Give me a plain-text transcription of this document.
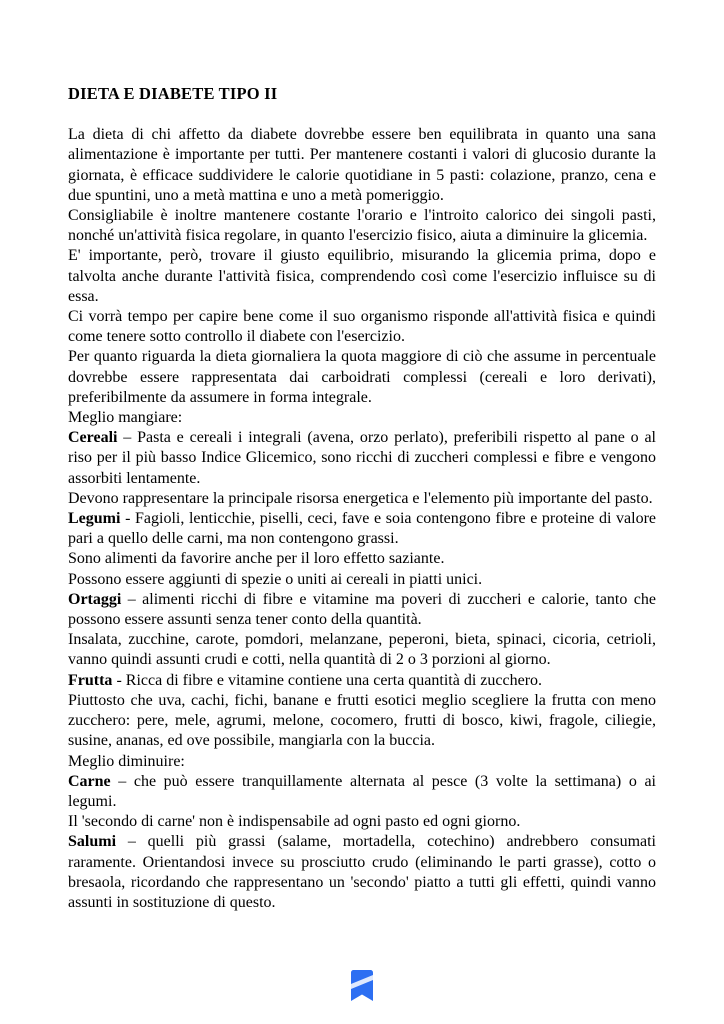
DIETA E DIABETE TIPO II

La dieta di chi affetto da diabete dovrebbe essere ben equilibrata in quanto una sana alimentazione è importante per tutti. Per mantenere costanti i valori di glucosio durante la giornata, è efficace suddividere le calorie quotidiane in 5 pasti: colazione, pranzo, cena e due spuntini, uno a metà mattina e uno a metà pomeriggio.

Consigliabile è inoltre mantenere costante l'orario e l'introito calorico dei singoli pasti, nonché un'attività fisica regolare, in quanto l'esercizio fisico, aiuta a diminuire la glicemia.

E' importante, però, trovare il giusto equilibrio, misurando la glicemia prima, dopo e talvolta anche durante l'attività fisica, comprendendo così come l'esercizio influisce su di essa.

Ci vorrà tempo per capire bene come il suo organismo risponde all'attività fisica e quindi come tenere sotto controllo il diabete con l'esercizio.

Per quanto riguarda la dieta giornaliera la quota maggiore di ciò che assume in percentuale dovrebbe essere rappresentata dai carboidrati complessi (cereali e loro derivati), preferibilmente da assumere in forma integrale.

Meglio mangiare:

Cereali – Pasta e cereali i integrali (avena, orzo perlato), preferibili rispetto al pane o al riso per il più basso Indice Glicemico, sono ricchi di zuccheri complessi e fibre e vengono assorbiti lentamente.

Devono rappresentare la principale risorsa energetica e l'elemento più importante del pasto.

Legumi - Fagioli, lenticchie, piselli, ceci, fave e soia contengono fibre e proteine di valore pari a quello delle carni, ma non contengono grassi.

Sono alimenti da favorire anche per il loro effetto saziante.

Possono essere aggiunti di spezie o uniti ai cereali in piatti unici.

Ortaggi – alimenti ricchi di fibre e vitamine ma poveri di zuccheri e calorie, tanto che possono essere assunti senza tener conto della quantità.

Insalata, zucchine, carote, pomdori, melanzane, peperoni, bieta, spinaci, cicoria, cetrioli, vanno quindi assunti crudi e cotti, nella quantità di 2 o 3 porzioni al giorno.

Frutta - Ricca di fibre e vitamine contiene una certa quantità di zucchero.

Piuttosto che uva, cachi, fichi, banane e frutti esotici meglio scegliere la frutta con meno zucchero: pere, mele, agrumi, melone, cocomero, frutti di bosco, kiwi, fragole, ciliegie, susine, ananas, ed ove possibile, mangiarla con la buccia.

Meglio diminuire:

Carne – che può essere tranquillamente alternata al pesce (3 volte la settimana) o ai legumi.

Il 'secondo di carne' non è indispensabile ad ogni pasto ed ogni giorno.

Salumi – quelli più grassi (salame, mortadella, cotechino) andrebbero consumati raramente. Orientandosi invece su prosciutto crudo (eliminando le parti grasse), cotto o bresaola, ricordando che rappresentano un 'secondo' piatto a tutti gli effetti, quindi vanno assunti in sostituzione di questo.
